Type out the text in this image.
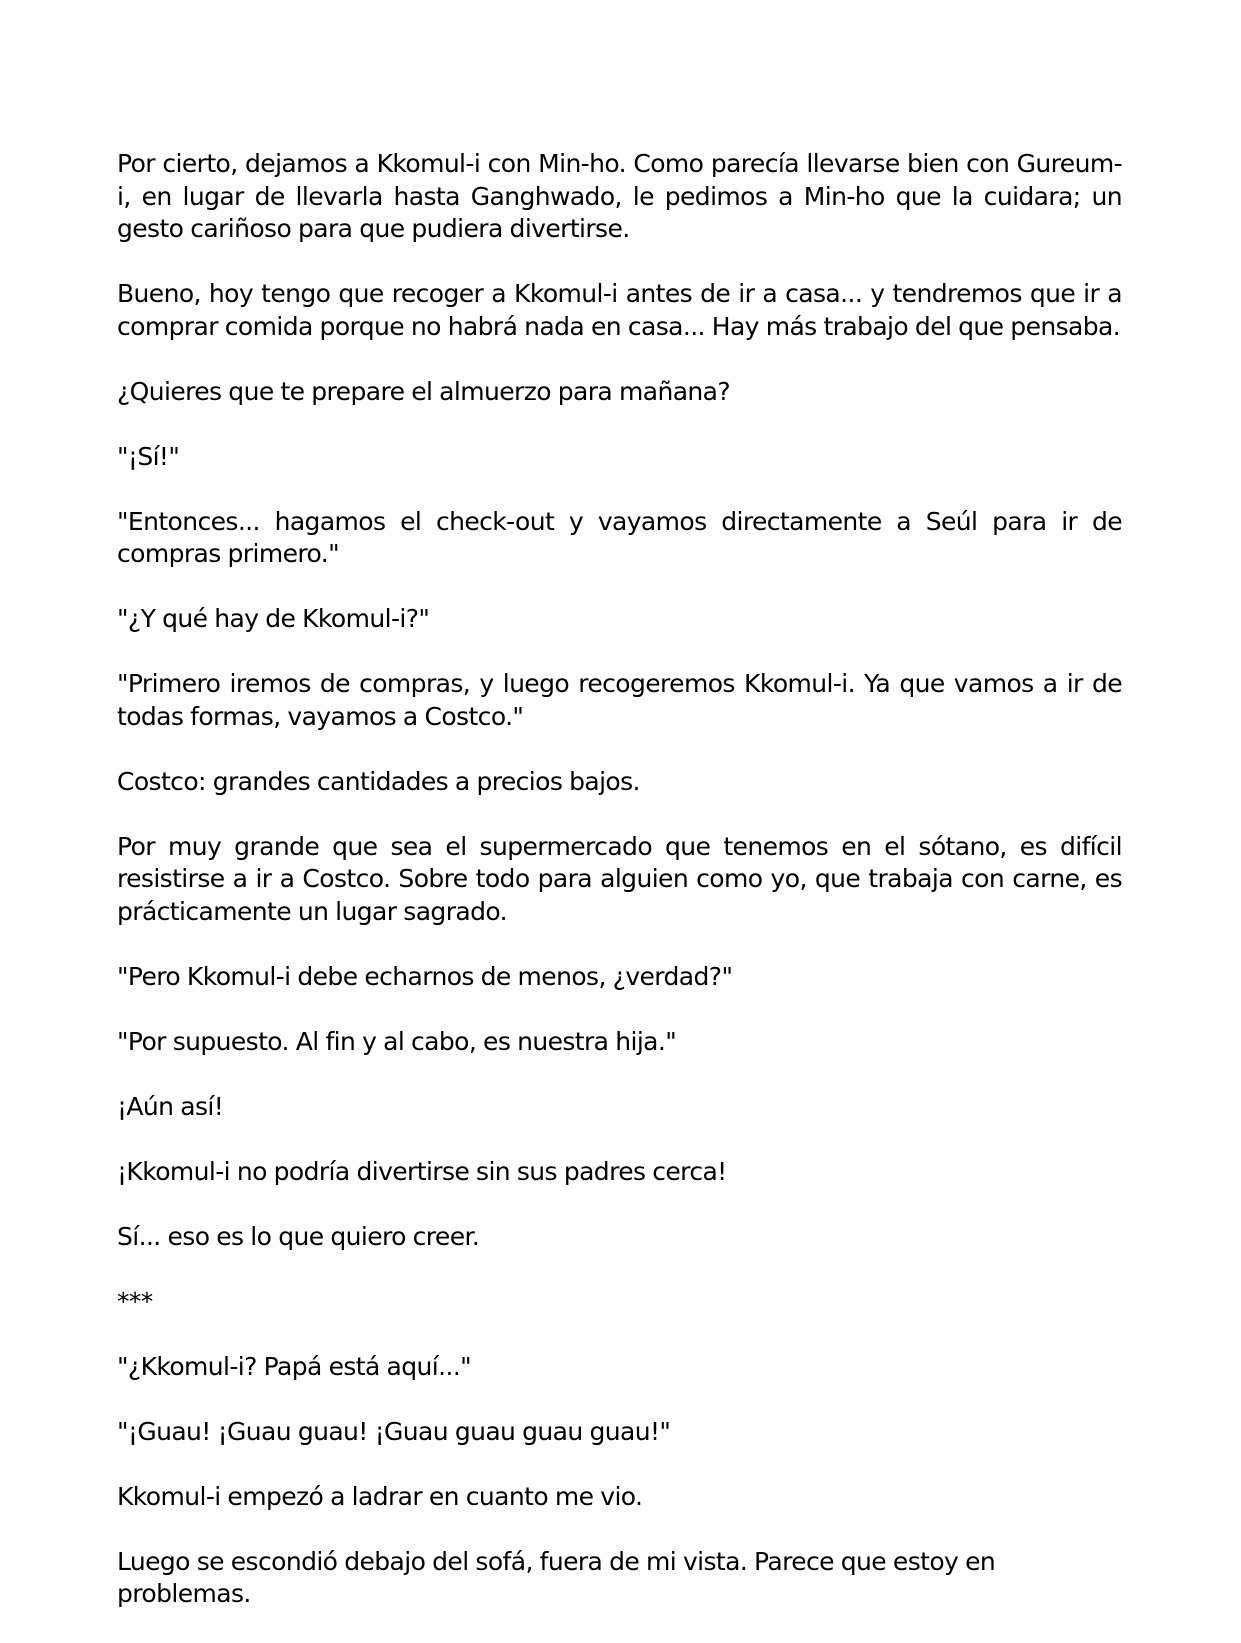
Por cierto, dejamos a Kkomul-i con Min-ho. Como parecía llevarse bien con Gureum-i, en lugar de llevarla hasta Ganghwado, le pedimos a Min-ho que la cuidara; un gesto cariñoso para que pudiera divertirse.

Bueno, hoy tengo que recoger a Kkomul-i antes de ir a casa... y tendremos que ir a comprar comida porque no habrá nada en casa... Hay más trabajo del que pensaba.

¿Quieres que te prepare el almuerzo para mañana?

"¡Sí!"

"Entonces... hagamos el check-out y vayamos directamente a Seúl para ir de compras primero."

"¿Y qué hay de Kkomul-i?"

"Primero iremos de compras, y luego recogeremos Kkomul-i. Ya que vamos a ir de todas formas, vayamos a Costco."

Costco: grandes cantidades a precios bajos.

Por muy grande que sea el supermercado que tenemos en el sótano, es difícil resistirse a ir a Costco. Sobre todo para alguien como yo, que trabaja con carne, es prácticamente un lugar sagrado.

"Pero Kkomul-i debe echarnos de menos, ¿verdad?"

"Por supuesto. Al fin y al cabo, es nuestra hija."

¡Aún así!

¡Kkomul-i no podría divertirse sin sus padres cerca!

Sí... eso es lo que quiero creer.

***

"¿Kkomul-i? Papá está aquí..."

"¡Guau! ¡Guau guau! ¡Guau guau guau guau!"

Kkomul-i empezó a ladrar en cuanto me vio.

Luego se escondió debajo del sofá, fuera de mi vista. Parece que estoy en problemas.
